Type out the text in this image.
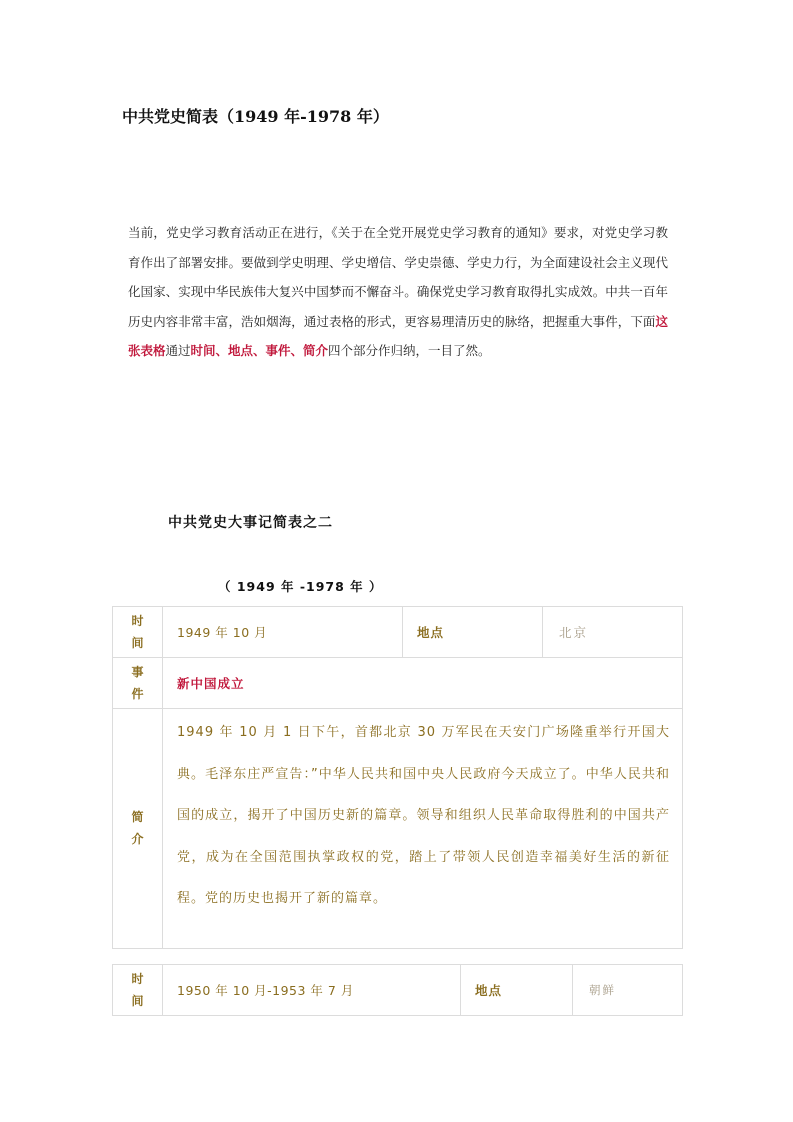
中共党史简表（1949 年-1978 年）

当前，党史学习教育活动正在进行，《关于在全党开展党史学习教育的通知》要求，对党史学习教育作出了部署安排。要做到学史明理、学史增信、学史崇德、学史力行，为全面建设社会主义现代化国家、实现中华民族伟大复兴中国梦而不懈奋斗。确保党史学习教育取得扎实成效。中共一百年历史内容非常丰富，浩如烟海，通过表格的形式，更容易理清历史的脉络，把握重大事件，下面这张表格通过时间、地点、事件、简介四个部分作归纳，一目了然。

中共党史大事记简表之二
（ 1949 年 -1978 年 ）
时
间	1949 年 10 月	地点	北京

事
件	新中国成立		

简
介	1949 年 10 月 1 日下午，首都北京 30 万军民在天安门广场隆重举行开国大典。毛泽东庄严宣告：”中华人民共和国中央人民政府今天成立了。中华人民共和国的成立，揭开了中国历史新的篇章。领导和组织人民革命取得胜利的中国共产党，成为在全国范围执掌政权的党，踏上了带领人民创造幸福美好生活的新征程。党的历史也揭开了新的篇章。		
时
间
	1950 年 10 月-1953 年 7 月	地点	朝鲜
